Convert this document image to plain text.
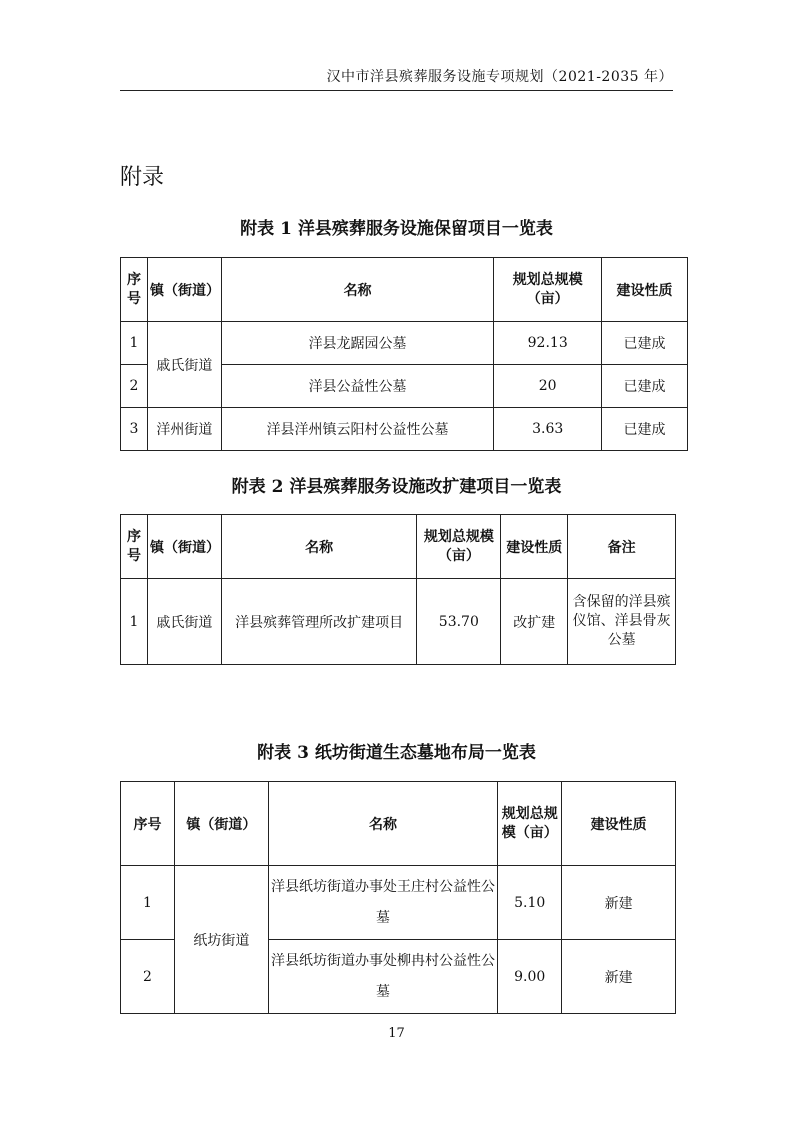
汉中市洋县殡葬服务设施专项规划（2021-2035 年）
附录
附表 1 洋县殡葬服务设施保留项目一览表
序号	镇（街道）	名称	规划总规模（亩）	建设性质
1	戚氏街道	洋县龙踞园公墓	92.13	已建成
2		洋县公益性公墓	20	已建成
3	洋州街道	洋县洋州镇云阳村公益性公墓	3.63	已建成
附表 2 洋县殡葬服务设施改扩建项目一览表
序号	镇（街道）	名称	规划总规模（亩）	建设性质	备注
1	戚氏街道	洋县殡葬管理所改扩建项目	53.70	改扩建	含保留的洋县殡仪馆、洋县骨灰公墓
附表 3 纸坊街道生态墓地布局一览表
序号	镇（街道）	名称	规划总规模（亩）	建设性质
1	纸坊街道	洋县纸坊街道办事处王庄村公益性公墓	5.10	新建
2		洋县纸坊街道办事处柳冉村公益性公墓	9.00	新建
17
